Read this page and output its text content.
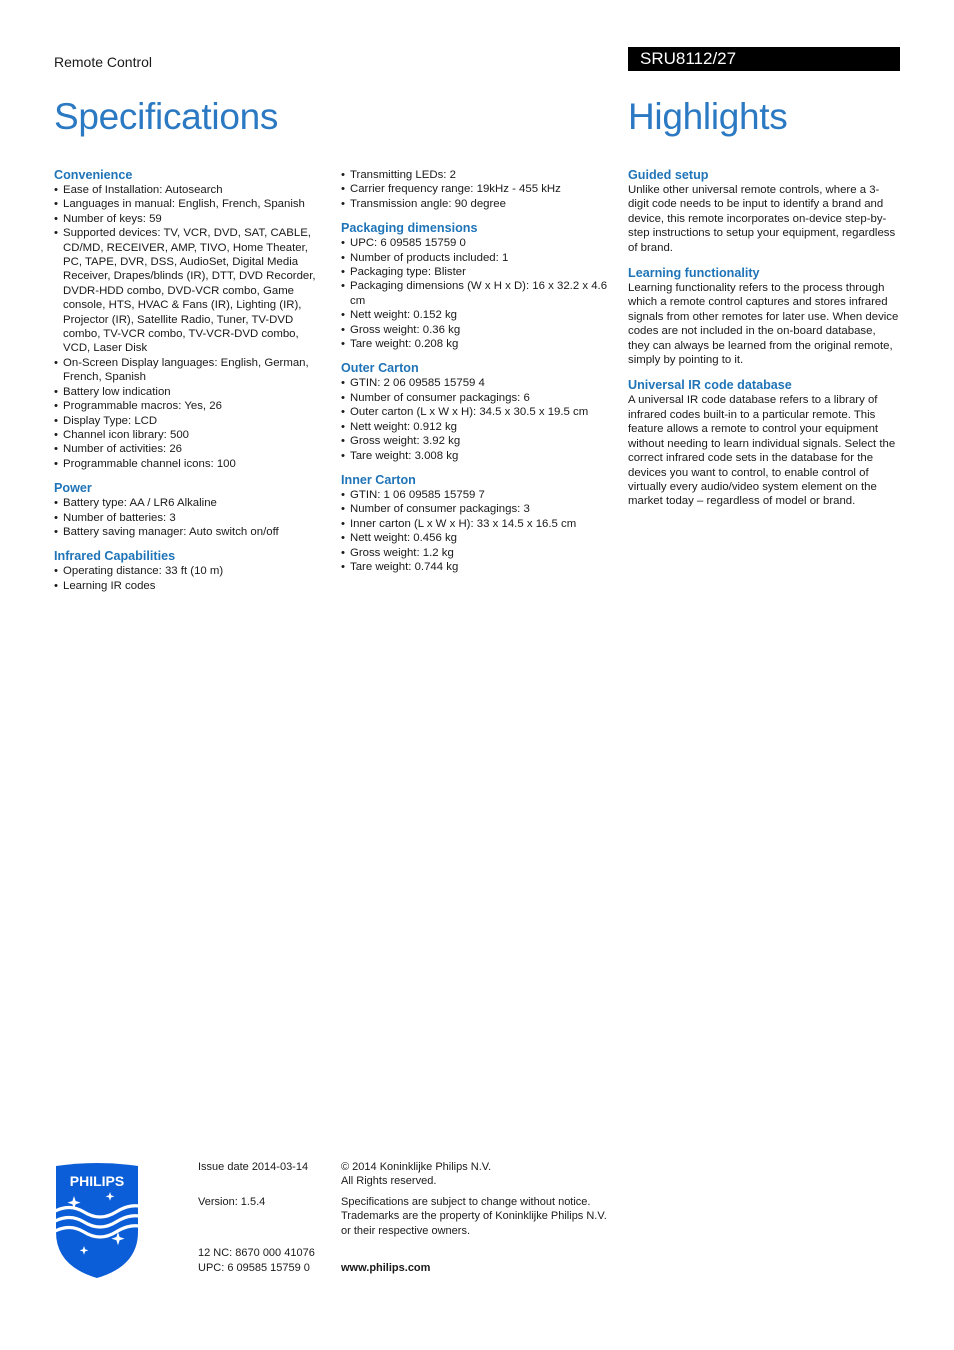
Remote Control	SRU8112/27
Specifications	Highlights
Convenience
• Ease of Installation: Autosearch
• Languages in manual: English, French, Spanish
• Number of keys: 59
• Supported devices: TV, VCR, DVD, SAT, CABLE, CD/MD, RECEIVER, AMP, TIVO, Home Theater, PC, TAPE, DVR, DSS, AudioSet, Digital Media Receiver, Drapes/blinds (IR), DTT, DVD Recorder, DVDR-HDD combo, DVD-VCR combo, Game console, HTS, HVAC & Fans (IR), Lighting (IR), Projector (IR), Satellite Radio, Tuner, TV-DVD combo, TV-VCR combo, TV-VCR-DVD combo, VCD, Laser Disk
• On-Screen Display languages: English, German, French, Spanish
• Battery low indication
• Programmable macros: Yes, 26
• Display Type: LCD
• Channel icon library: 500
• Number of activities: 26
• Programmable channel icons: 100
Power
• Battery type: AA / LR6 Alkaline
• Number of batteries: 3
• Battery saving manager: Auto switch on/off
Infrared Capabilities
• Operating distance: 33 ft (10 m)
• Learning IR codes
• Transmitting LEDs: 2
• Carrier frequency range: 19kHz - 455 kHz
• Transmission angle: 90 degree
Packaging dimensions
• UPC: 6 09585 15759 0
• Number of products included: 1
• Packaging type: Blister
• Packaging dimensions (W x H x D): 16 x 32.2 x 4.6 cm
• Nett weight: 0.152 kg
• Gross weight: 0.36 kg
• Tare weight: 0.208 kg
Outer Carton
• GTIN: 2 06 09585 15759 4
• Number of consumer packagings: 6
• Outer carton (L x W x H): 34.5 x 30.5 x 19.5 cm
• Nett weight: 0.912 kg
• Gross weight: 3.92 kg
• Tare weight: 3.008 kg
Inner Carton
• GTIN: 1 06 09585 15759 7
• Number of consumer packagings: 3
• Inner carton (L x W x H): 33 x 14.5 x 16.5 cm
• Nett weight: 0.456 kg
• Gross weight: 1.2 kg
• Tare weight: 0.744 kg
Guided setup

Unlike other universal remote controls, where a 3-digit code needs to be input to identify a brand and device, this remote incorporates on-device step-by-step instructions to setup your equipment, regardless of brand.

Learning functionality

Learning functionality refers to the process through which a remote control captures and stores infrared signals from other remotes for later use. When device codes are not included in the on-board database, they can always be learned from the original remote, simply by pointing to it.

Universal IR code database

A universal IR code database refers to a library of infrared codes built-in to a particular remote. This feature allows a remote to control your equipment without needing to learn individual signals. Select the correct infrared code sets in the database for the devices you want to control, to enable control of virtually every audio/video system element on the market today – regardless of model or brand.

PHILIPS
Issue date 2014-03-14
Version: 1.5.4
12 NC: 8670 000 41076
UPC: 6 09585 15759 0
© 2014 Koninklijke Philips N.V.
All Rights reserved.
Specifications are subject to change without notice.
Trademarks are the property of Koninklijke Philips N.V.
or their respective owners.
www.philips.com
